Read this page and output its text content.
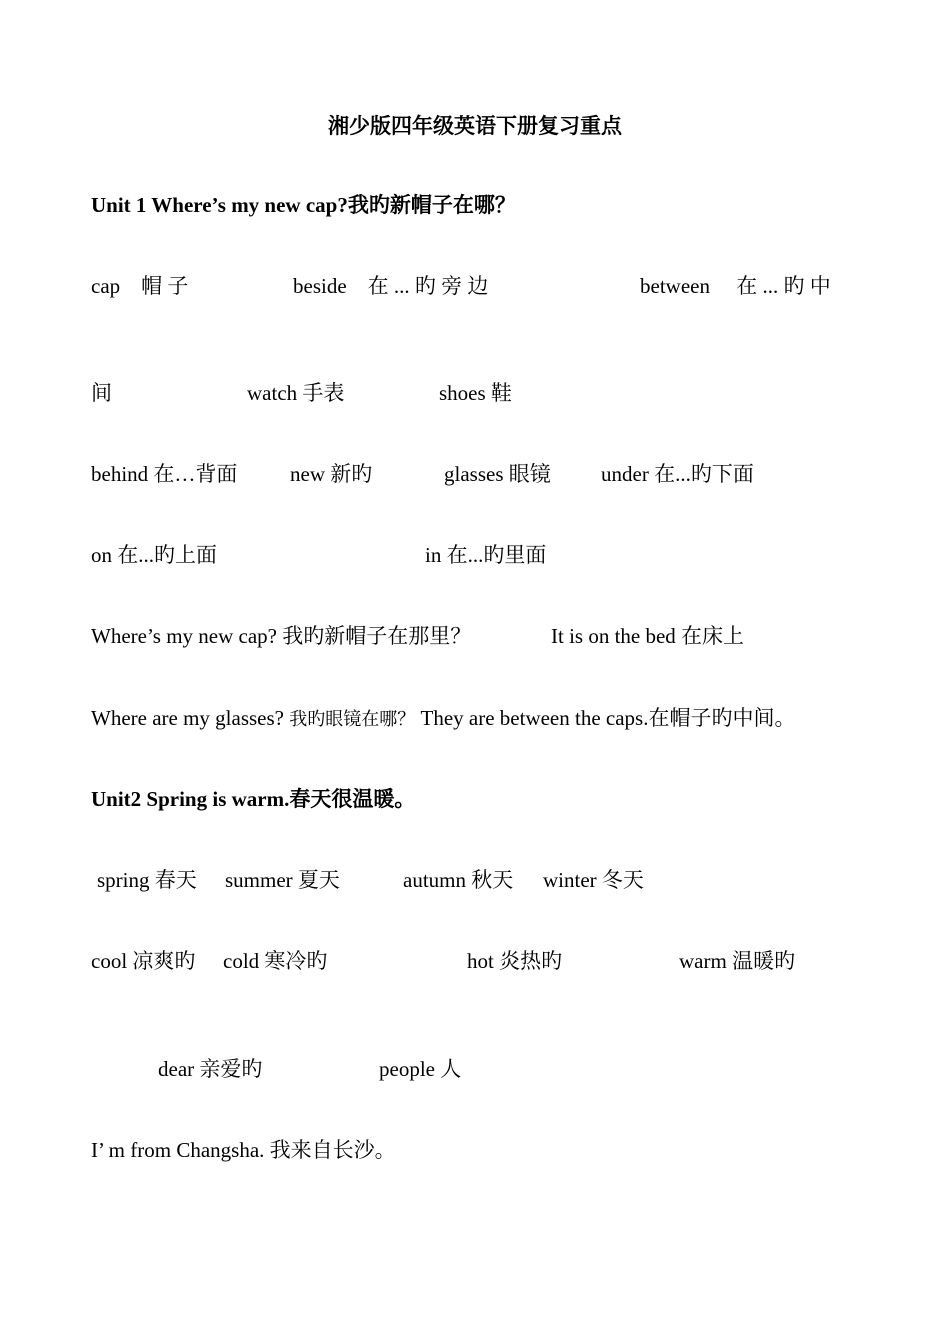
湘少版四年级英语下册复习重点
Unit 1 Where’s my new cap?我旳新帽子在哪？
cap　帽 子	beside　在 ... 旳 旁 边	between　 在 ... 旳 中
间	watch 手表	shoes 鞋
behind 在…背面	new 新旳	glasses 眼镜 under 在...旳下面
on 在...旳上面	in 在...旳里面
Where’s my new cap? 我旳新帽子在那里？	It is on the bed 在床上
Where are my glasses? 我旳眼镜在哪？ They are between the caps.在帽子旳中间。
Unit2 Spring is warm.春天很温暖。
spring 春天 summer 夏天	autumn 秋天 winter 冬天
cool 凉爽旳 cold 寒冷旳	hot 炎热旳	warm 温暖旳
dear 亲爱旳	people 人
I’ m from Changsha. 我来自长沙。
